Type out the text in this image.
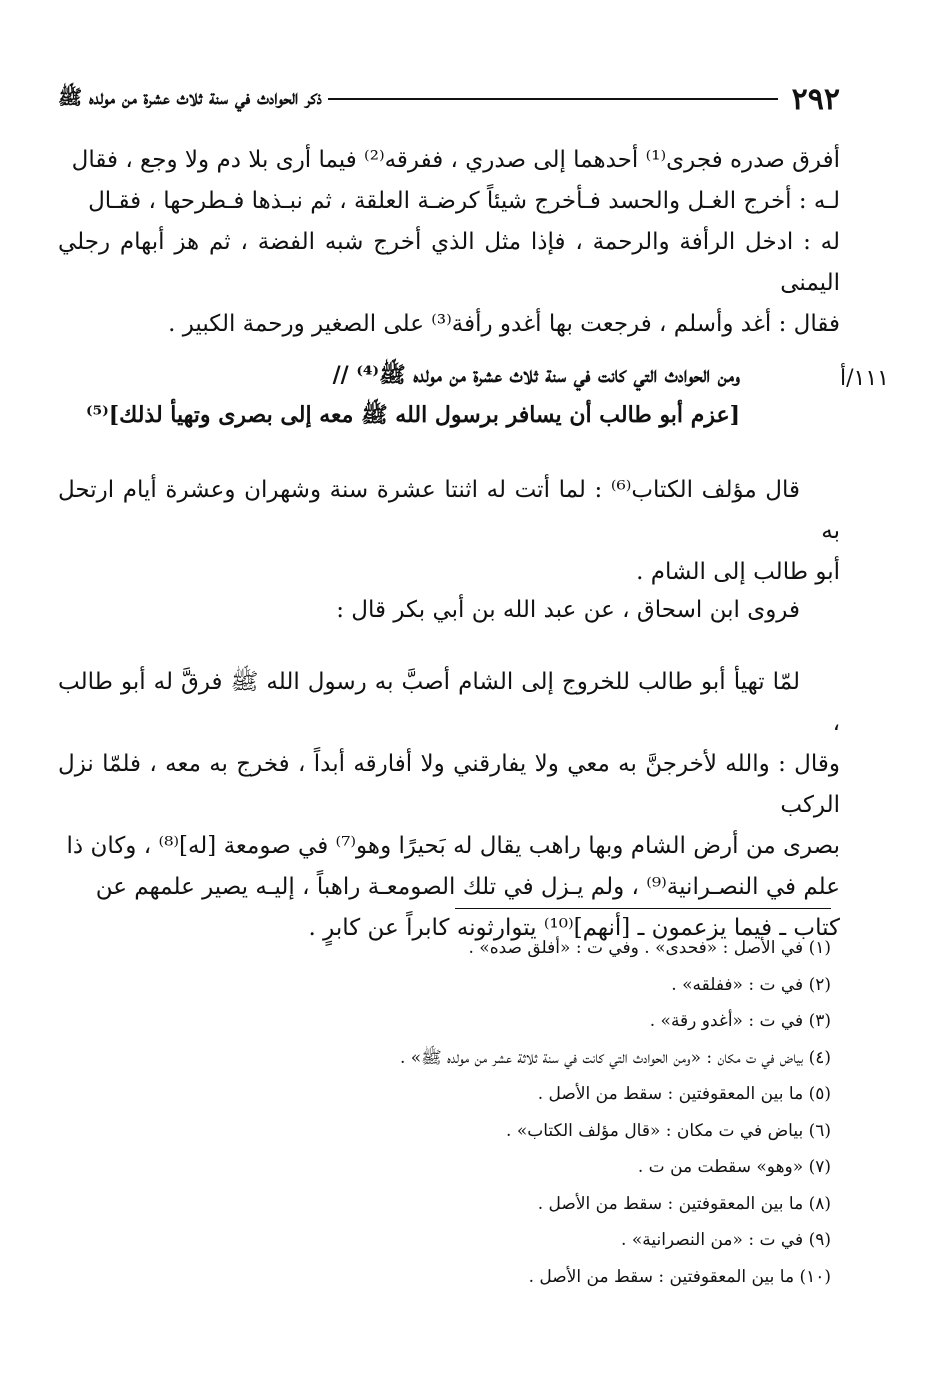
٢٩٢
ذكر الحوادث في سنة ثلاث عشرة من مولده ﷺ

أفرق صدره فجرى⁽¹⁾ أحدهما إلى صدري ، ففرقه⁽²⁾ فيما أرى بلا دم ولا وجع ، فقال

لـه : أخرج الغـل والحسد فـأخرج شيئاً كرضـة العلقة ، ثم نبـذها فـطرحها ، فقـال

له : ادخل الرأفة والرحمة ، فإذا مثل الذي أخرج شبه الفضة ، ثم هز أبهام رجلي اليمنى

فقال : أغد وأسلم ، فرجعت بها أغدو رأفة⁽³⁾ على الصغير ورحمة الكبير .

١١١/أ
ومن الحوادث التي كانت في سنة ثلاث عشرة من مولده ﷺ⁽⁴⁾ //
[عزم أبو طالب أن يسافر برسول الله ﷺ معه إلى بصرى وتهيأ لذلك]⁽⁵⁾

قال مؤلف الكتاب⁽⁶⁾ : لما أتت له اثنتا عشرة سنة وشهران وعشرة أيام ارتحل به

أبو طالب إلى الشام .

فروى ابن اسحاق ، عن عبد الله بن أبي بكر قال :

لمّا تهيأ أبو طالب للخروج إلى الشام أصبَّ به رسول الله ﷺ فرقَّ له أبو طالب ،

وقال : والله لأخرجنَّ به معي ولا يفارقني ولا أفارقه أبداً ، فخرج به معه ، فلمّا نزل الركب

بصرى من أرض الشام وبها راهب يقال له بَحيرًا وهو⁽⁷⁾ في صومعة [له]⁽⁸⁾ ، وكان ذا

علم في النصـرانية⁽⁹⁾ ، ولم يـزل في تلك الصومعـة راهباً ، إليـه يصير علمهم عن

كتاب ـ فيما يزعمون ـ [أنهم]⁽¹⁰⁾ يتوارثونه كابراً عن كابرٍ .

(١) في الأصل : «فحدى» . وفي ت : «أفلق صده» .
(٢) في ت : «ففلقه» .
(٣) في ت : «أغدو رقة» .
(٤) بياض في ت مكان : «ومن الحوادث التي كانت في سنة ثلاثة عشر من مولده ﷺ» .
(٥) ما بين المعقوفتين : سقط من الأصل .
(٦) بياض في ت مكان : «قال مؤلف الكتاب» .
(٧) «وهو» سقطت من ت .
(٨) ما بين المعقوفتين : سقط من الأصل .
(٩) في ت : «من النصرانية» .
(١٠) ما بين المعقوفتين : سقط من الأصل .
